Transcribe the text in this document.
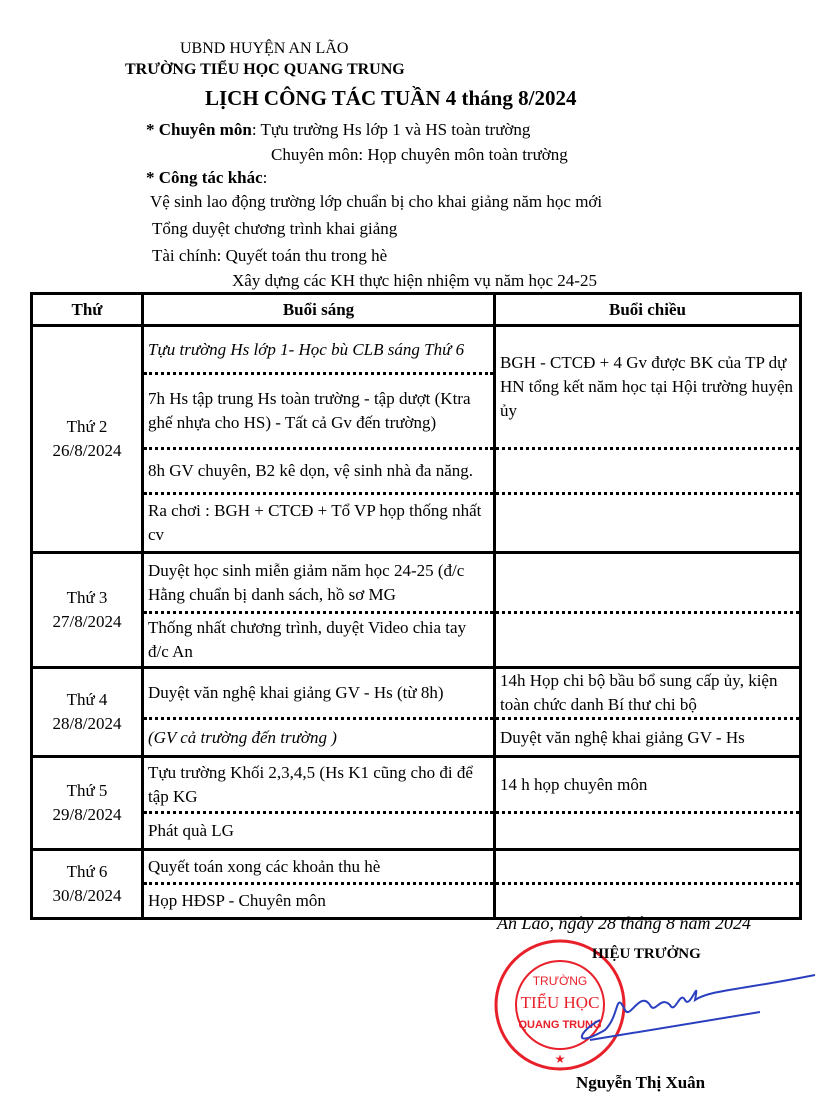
UBND HUYỆN AN LÃO
TRƯỜNG TIỂU HỌC QUANG TRUNG
LỊCH CÔNG TÁC TUẦN 4 tháng 8/2024
* Chuyên môn: Tựu trường Hs lớp 1 và HS toàn trường
Chuyên môn: Họp chuyên môn toàn trường
* Công tác khác:
Vệ sinh lao động trường lớp chuẩn bị cho khai giảng năm học mới
Tổng duyệt chương trình khai giảng
Tài chính: Quyết toán thu trong hè
Xây dựng các KH thực hiện nhiệm vụ năm học 24-25
Thứ	Buổi sáng	Buổi chiều
Thứ 2
26/8/2024
Tựu trường Hs lớp 1- Học bù CLB sáng Thứ 6
7h Hs tập trung Hs toàn trường - tập dượt (Ktra ghế nhựa cho HS) - Tất cả Gv đến trường)
8h GV chuyên, B2 kê dọn, vệ sinh nhà đa năng.
Ra chơi : BGH + CTCĐ + Tổ VP họp thống nhất cv
BGH - CTCĐ + 4 Gv được BK của TP dự HN tổng kết năm học tại Hội trường huyện ủy
Thứ 3
27/8/2024
Duyệt học sinh miễn giảm năm học 24-25 (đ/c Hằng chuẩn bị danh sách, hồ sơ MG
Thống nhất chương trình, duyệt Video chia tay đ/c An
Thứ 4
28/8/2024
Duyệt văn nghệ khai giảng GV - Hs (từ 8h)
(GV cả trường đến trường )
14h Họp chi bộ bầu bổ sung cấp ủy, kiện toàn chức danh Bí thư chi bộ
Duyệt văn nghệ khai giảng GV - Hs
Thứ 5
29/8/2024
Tựu trường Khối 2,3,4,5 (Hs K1 cũng cho đi để tập KG
Phát quà LG
14 h họp chuyên môn
Thứ 6
30/8/2024
Quyết toán xong các khoản thu hè
Họp HĐSP - Chuyên môn
An Lão, ngày 28 tháng 8 năm 2024
TRƯỜNG
TIỂU HỌC
QUANG TRUNG
★
HIỆU TRƯỞNG
Nguyễn Thị Xuân
